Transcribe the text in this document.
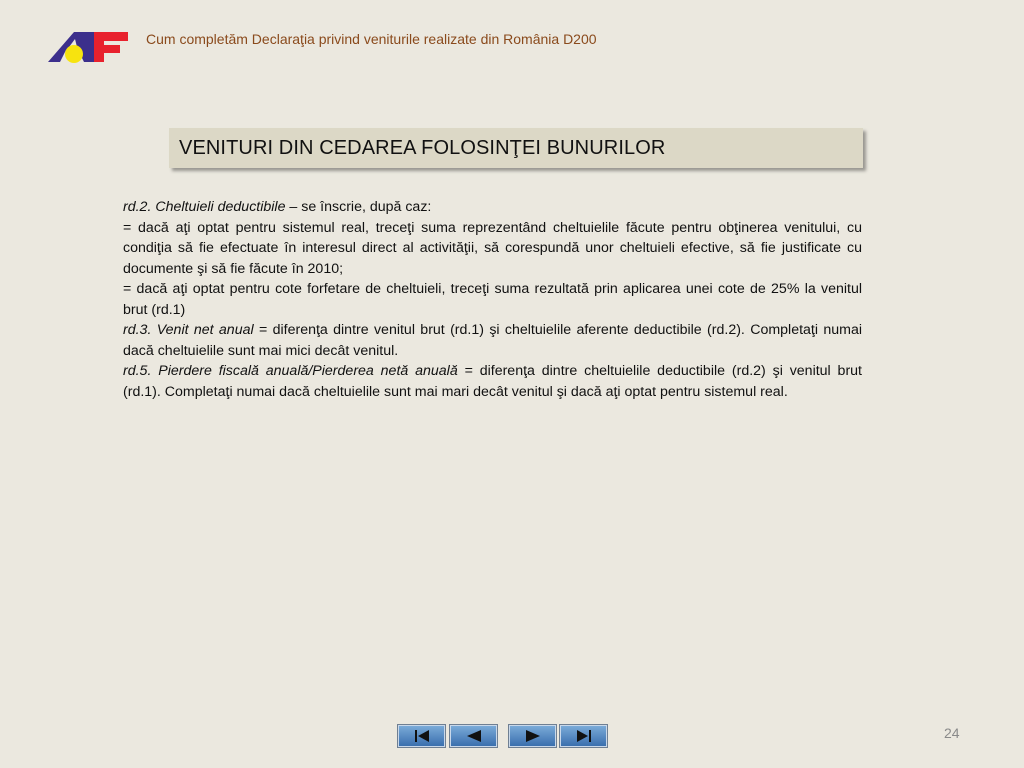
Cum completăm Declaraţia privind veniturile realizate din România D200
VENITURI DIN CEDAREA FOLOSINŢEI BUNURILOR

rd.2. Cheltuieli deductibile – se înscrie, după caz:

= dacă aţi optat pentru sistemul real, treceţi suma reprezentând cheltuielile făcute pentru obţinerea venitului, cu condiţia să fie efectuate în interesul direct al activităţii, să corespundă unor cheltuieli efective, să fie justificate cu documente şi să fie făcute în 2010;

= dacă aţi optat pentru cote forfetare de cheltuieli, treceţi suma rezultată prin aplicarea unei cote de 25% la venitul brut (rd.1)

rd.3. Venit net anual = diferenţa dintre venitul brut (rd.1) şi cheltuielile aferente deductibile (rd.2). Completaţi numai dacă cheltuielile sunt mai mici decât venitul.

rd.5. Pierdere fiscală anuală/Pierderea netă anuală = diferenţa dintre cheltuielile deductibile (rd.2) şi venitul brut (rd.1). Completaţi numai dacă cheltuielile sunt mai mari decât venitul şi dacă aţi optat pentru sistemul real.

24
